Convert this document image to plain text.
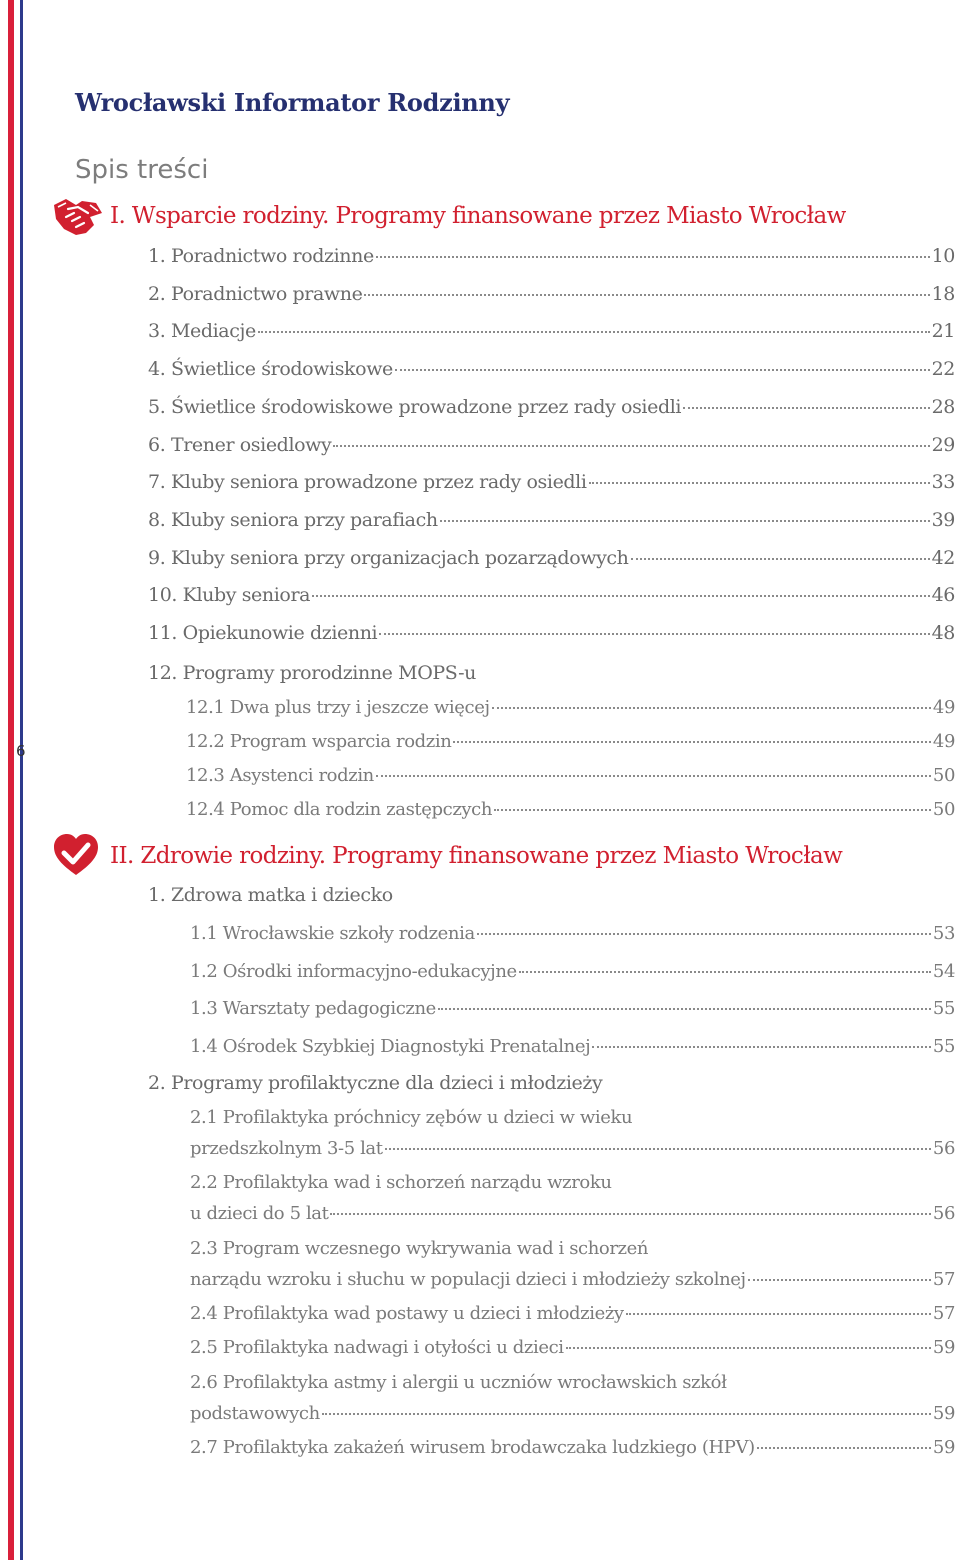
6
Wrocławski Informator Rodzinny
Spis treści
I. Wsparcie rodziny. Programy finansowane przez Miasto Wrocław
1. Poradnictwo rodzinne	10
2. Poradnictwo prawne	18
3. Mediacje	21
4. Świetlice środowiskowe	22
5. Świetlice środowiskowe prowadzone przez rady osiedli	28
6. Trener osiedlowy	29
7. Kluby seniora prowadzone przez rady osiedli	33
8. Kluby seniora przy parafiach	39
9. Kluby seniora przy organizacjach pozarządowych	42
10. Kluby seniora	46
11. Opiekunowie dzienni	48
12. Programy prorodzinne MOPS-u
12.1 Dwa plus trzy i jeszcze więcej	49
12.2 Program wsparcia rodzin	49
12.3 Asystenci rodzin	50
12.4 Pomoc dla rodzin zastępczych	50
II. Zdrowie rodziny. Programy finansowane przez Miasto Wrocław
1. Zdrowa matka i dziecko
1.1 Wrocławskie szkoły rodzenia	53
1.2 Ośrodki informacyjno-edukacyjne	54
1.3 Warsztaty pedagogiczne	55
1.4 Ośrodek Szybkiej Diagnostyki Prenatalnej	55
2. Programy profilaktyczne dla dzieci i młodzieży
2.1 Profilaktyka próchnicy zębów u dzieci w wieku
przedszkolnym 3-5 lat	56
2.2 Profilaktyka wad i schorzeń narządu wzroku
u dzieci do 5 lat	56
2.3 Program wczesnego wykrywania wad i schorzeń
narządu wzroku i słuchu w populacji dzieci i młodzieży szkolnej	57
2.4 Profilaktyka wad postawy u dzieci i młodzieży	57
2.5 Profilaktyka nadwagi i otyłości u dzieci	59
2.6 Profilaktyka astmy i alergii u uczniów wrocławskich szkół
podstawowych	59
2.7 Profilaktyka zakażeń wirusem brodawczaka ludzkiego (HPV)	59
